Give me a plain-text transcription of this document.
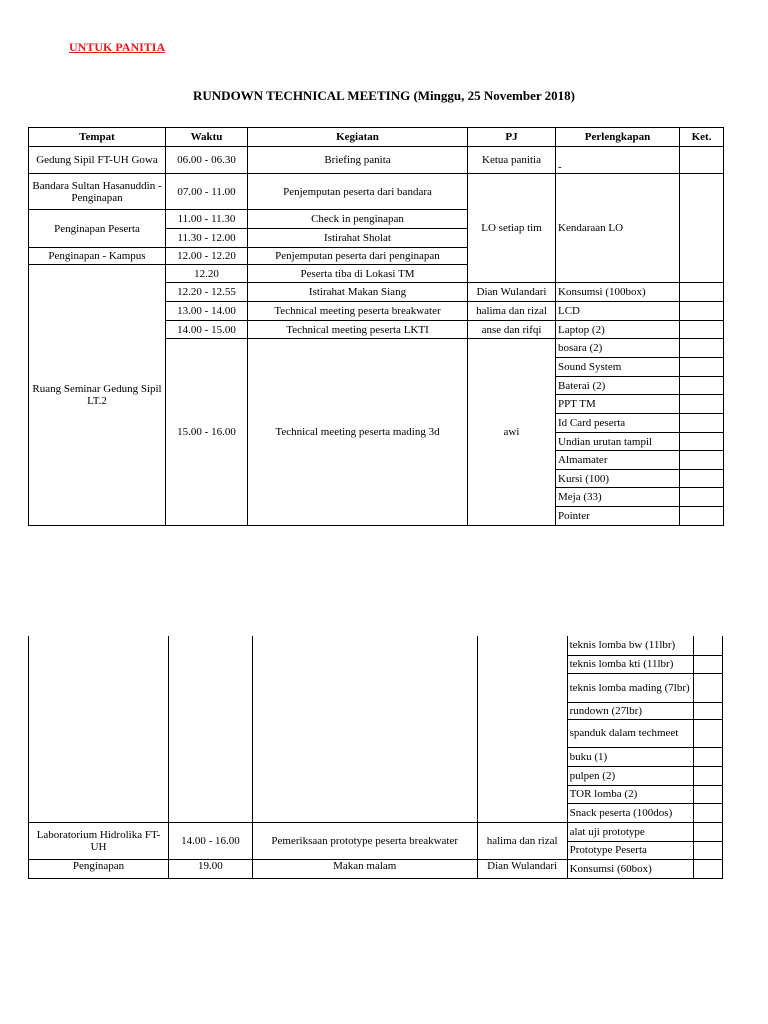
UNTUK PANITIA
RUNDOWN TECHNICAL MEETING (Minggu, 25 November 2018)
Tempat	Waktu	Kegiatan	PJ	Perlengkapan	Ket.
Gedung Sipil FT-UH Gowa	06.00 - 06.30	Briefing panita	Ketua panitia	-	
Bandara Sultan Hasanuddin - Penginapan	07.00 - 11.00	Penjemputan peserta dari bandara	LO setiap tim	Kendaraan LO	
Penginapan Peserta	11.00 - 11.30	Check in penginapan			
	11.30 - 12.00	Istirahat Sholat			
Penginapan - Kampus	12.00 - 12.20	Penjemputan peserta dari penginapan			
Ruang Seminar Gedung Sipil LT.2	12.20	Peserta tiba di Lokasi TM			
	12.20 - 12.55	Istirahat Makan Siang	Dian Wulandari	Konsumsi (100box)	
	13.00 - 14.00	Technical meeting peserta breakwater	halima dan rizal	LCD	
	14.00 - 15.00	Technical meeting peserta LKTI	anse dan rifqi	Laptop (2)	
	15.00 - 16.00	Technical meeting peserta mading 3d	awi	bosara (2)	
				Sound System	
				Baterai (2)	
				PPT TM	
				Id Card peserta	
				Undian urutan tampil	
				Almamater	
				Kursi (100)	
				Meja (33)	
				Pointer	
				teknis lomba bw (11lbr)	
				teknis lomba kti (11lbr)	
				teknis lomba mading (7lbr)	
				rundown (27lbr)	
				spanduk dalam techmeet	
				buku (1)	
				pulpen (2)	
				TOR lomba (2)	
				Snack peserta (100dos)	
Laboratorium Hidrolika FT-UH	14.00 - 16.00	Pemeriksaan prototype peserta breakwater	halima dan rizal	alat uji prototype	
				Prototype Peserta	
Penginapan	19.00	Makan malam	Dian Wulandari	Konsumsi (60box)	
